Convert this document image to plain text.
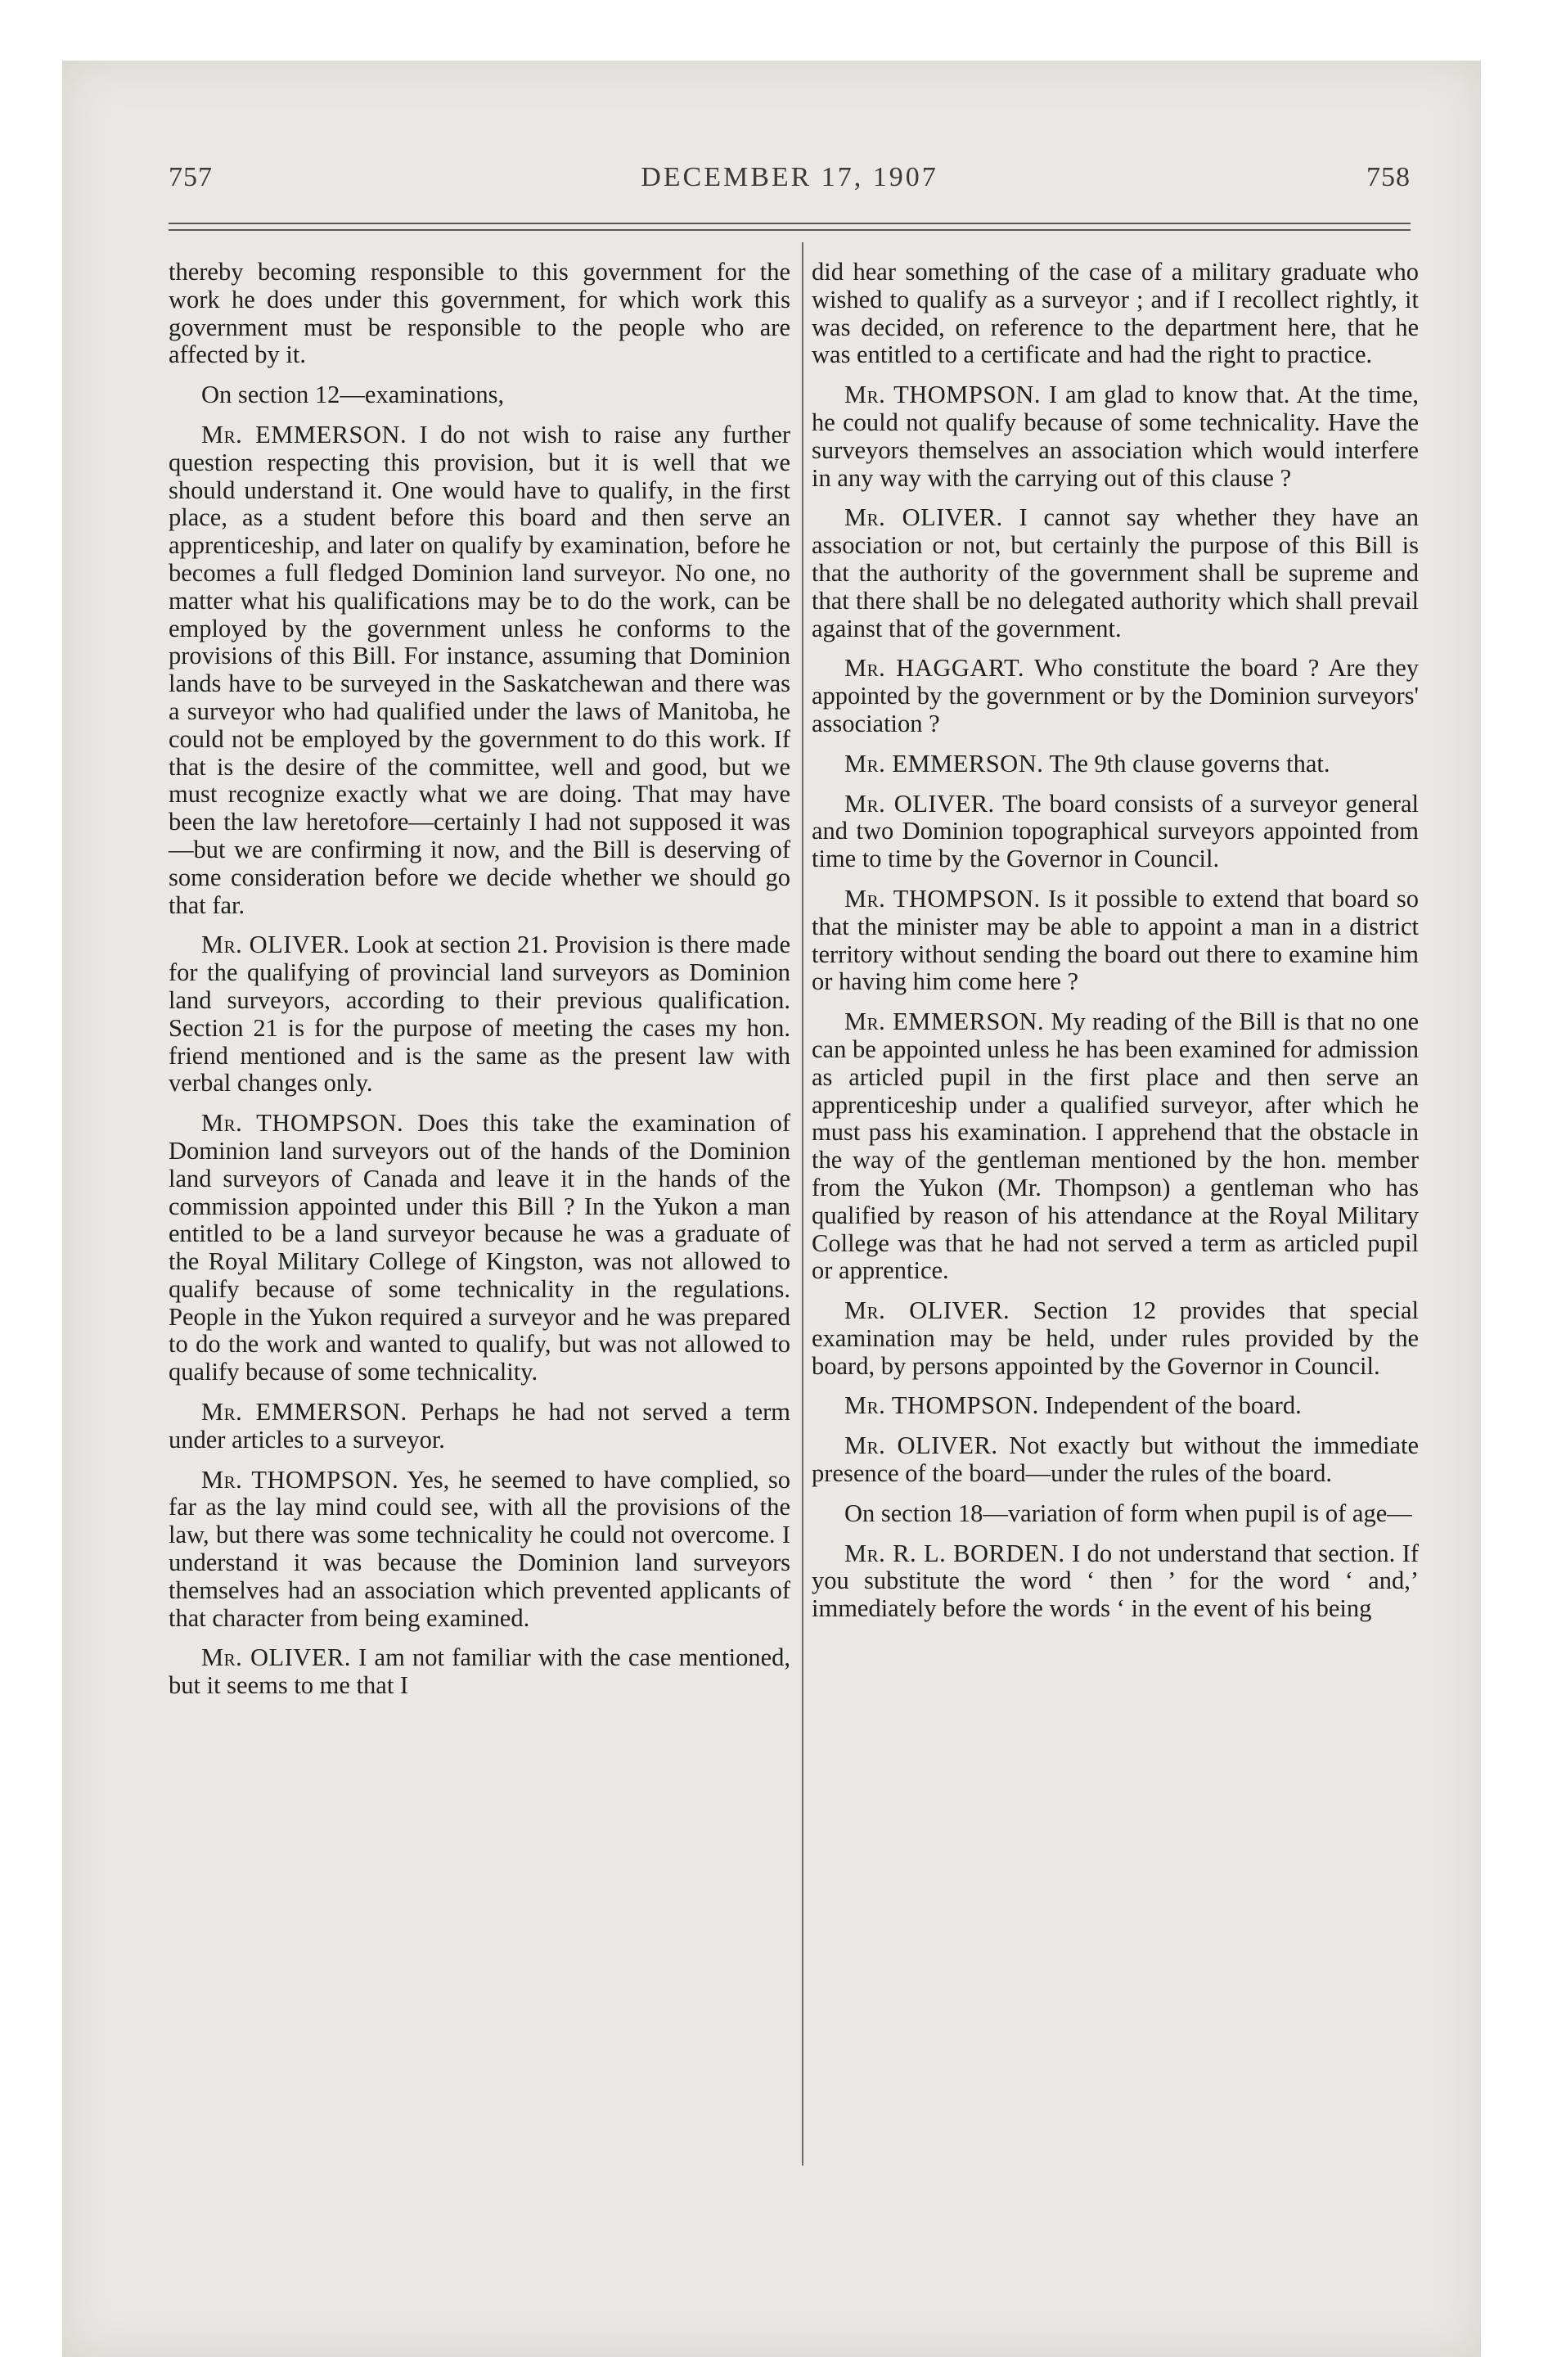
757	DECEMBER 17, 1907	758

thereby becoming responsible to this government for the work he does under this government, for which work this government must be responsible to the people who are affected by it.

On section 12—examinations,

Mr. EMMERSON. I do not wish to raise any further question respecting this provision, but it is well that we should understand it. One would have to qualify, in the first place, as a student before this board and then serve an apprenticeship, and later on qualify by examination, before he becomes a full fledged Dominion land surveyor. No one, no matter what his qualifications may be to do the work, can be employed by the government unless he conforms to the provisions of this Bill. For instance, assuming that Dominion lands have to be surveyed in the Saskatchewan and there was a surveyor who had qualified under the laws of Manitoba, he could not be employed by the government to do this work. If that is the desire of the committee, well and good, but we must recognize exactly what we are doing. That may have been the law heretofore—certainly I had not supposed it was—but we are confirming it now, and the Bill is deserving of some consideration before we decide whether we should go that far.

Mr. OLIVER. Look at section 21. Provision is there made for the qualifying of provincial land surveyors as Dominion land surveyors, according to their previous qualification. Section 21 is for the purpose of meeting the cases my hon. friend mentioned and is the same as the present law with verbal changes only.

Mr. THOMPSON. Does this take the examination of Dominion land surveyors out of the hands of the Dominion land surveyors of Canada and leave it in the hands of the commission appointed under this Bill ? In the Yukon a man entitled to be a land surveyor because he was a graduate of the Royal Military College of Kingston, was not allowed to qualify because of some technicality in the regulations. People in the Yukon required a surveyor and he was prepared to do the work and wanted to qualify, but was not allowed to qualify because of some technicality.

Mr. EMMERSON. Perhaps he had not served a term under articles to a surveyor.

Mr. THOMPSON. Yes, he seemed to have complied, so far as the lay mind could see, with all the provisions of the law, but there was some technicality he could not overcome. I understand it was because the Dominion land surveyors themselves had an association which prevented applicants of that character from being examined.

Mr. OLIVER. I am not familiar with the case mentioned, but it seems to me that I

did hear something of the case of a military graduate who wished to qualify as a surveyor ; and if I recollect rightly, it was decided, on reference to the department here, that he was entitled to a certificate and had the right to practice.

Mr. THOMPSON. I am glad to know that. At the time, he could not qualify because of some technicality. Have the surveyors themselves an association which would interfere in any way with the carrying out of this clause ?

Mr. OLIVER. I cannot say whether they have an association or not, but certainly the purpose of this Bill is that the authority of the government shall be supreme and that there shall be no delegated authority which shall prevail against that of the government.

Mr. HAGGART. Who constitute the board ? Are they appointed by the government or by the Dominion surveyors' association ?

Mr. EMMERSON. The 9th clause governs that.

Mr. OLIVER. The board consists of a surveyor general and two Dominion topographical surveyors appointed from time to time by the Governor in Council.

Mr. THOMPSON. Is it possible to extend that board so that the minister may be able to appoint a man in a district territory without sending the board out there to examine him or having him come here ?

Mr. EMMERSON. My reading of the Bill is that no one can be appointed unless he has been examined for admission as articled pupil in the first place and then serve an apprenticeship under a qualified surveyor, after which he must pass his examination. I apprehend that the obstacle in the way of the gentleman mentioned by the hon. member from the Yukon (Mr. Thompson) a gentleman who has qualified by reason of his attendance at the Royal Military College was that he had not served a term as articled pupil or apprentice.

Mr. OLIVER. Section 12 provides that special examination may be held, under rules provided by the board, by persons appointed by the Governor in Council.

Mr. THOMPSON. Independent of the board.

Mr. OLIVER. Not exactly but without the immediate presence of the board—under the rules of the board.

On section 18—variation of form when pupil is of age—

Mr. R. L. BORDEN. I do not understand that section. If you substitute the word ‘ then ’ for the word ‘ and,’ immediately before the words ‘ in the event of his being
